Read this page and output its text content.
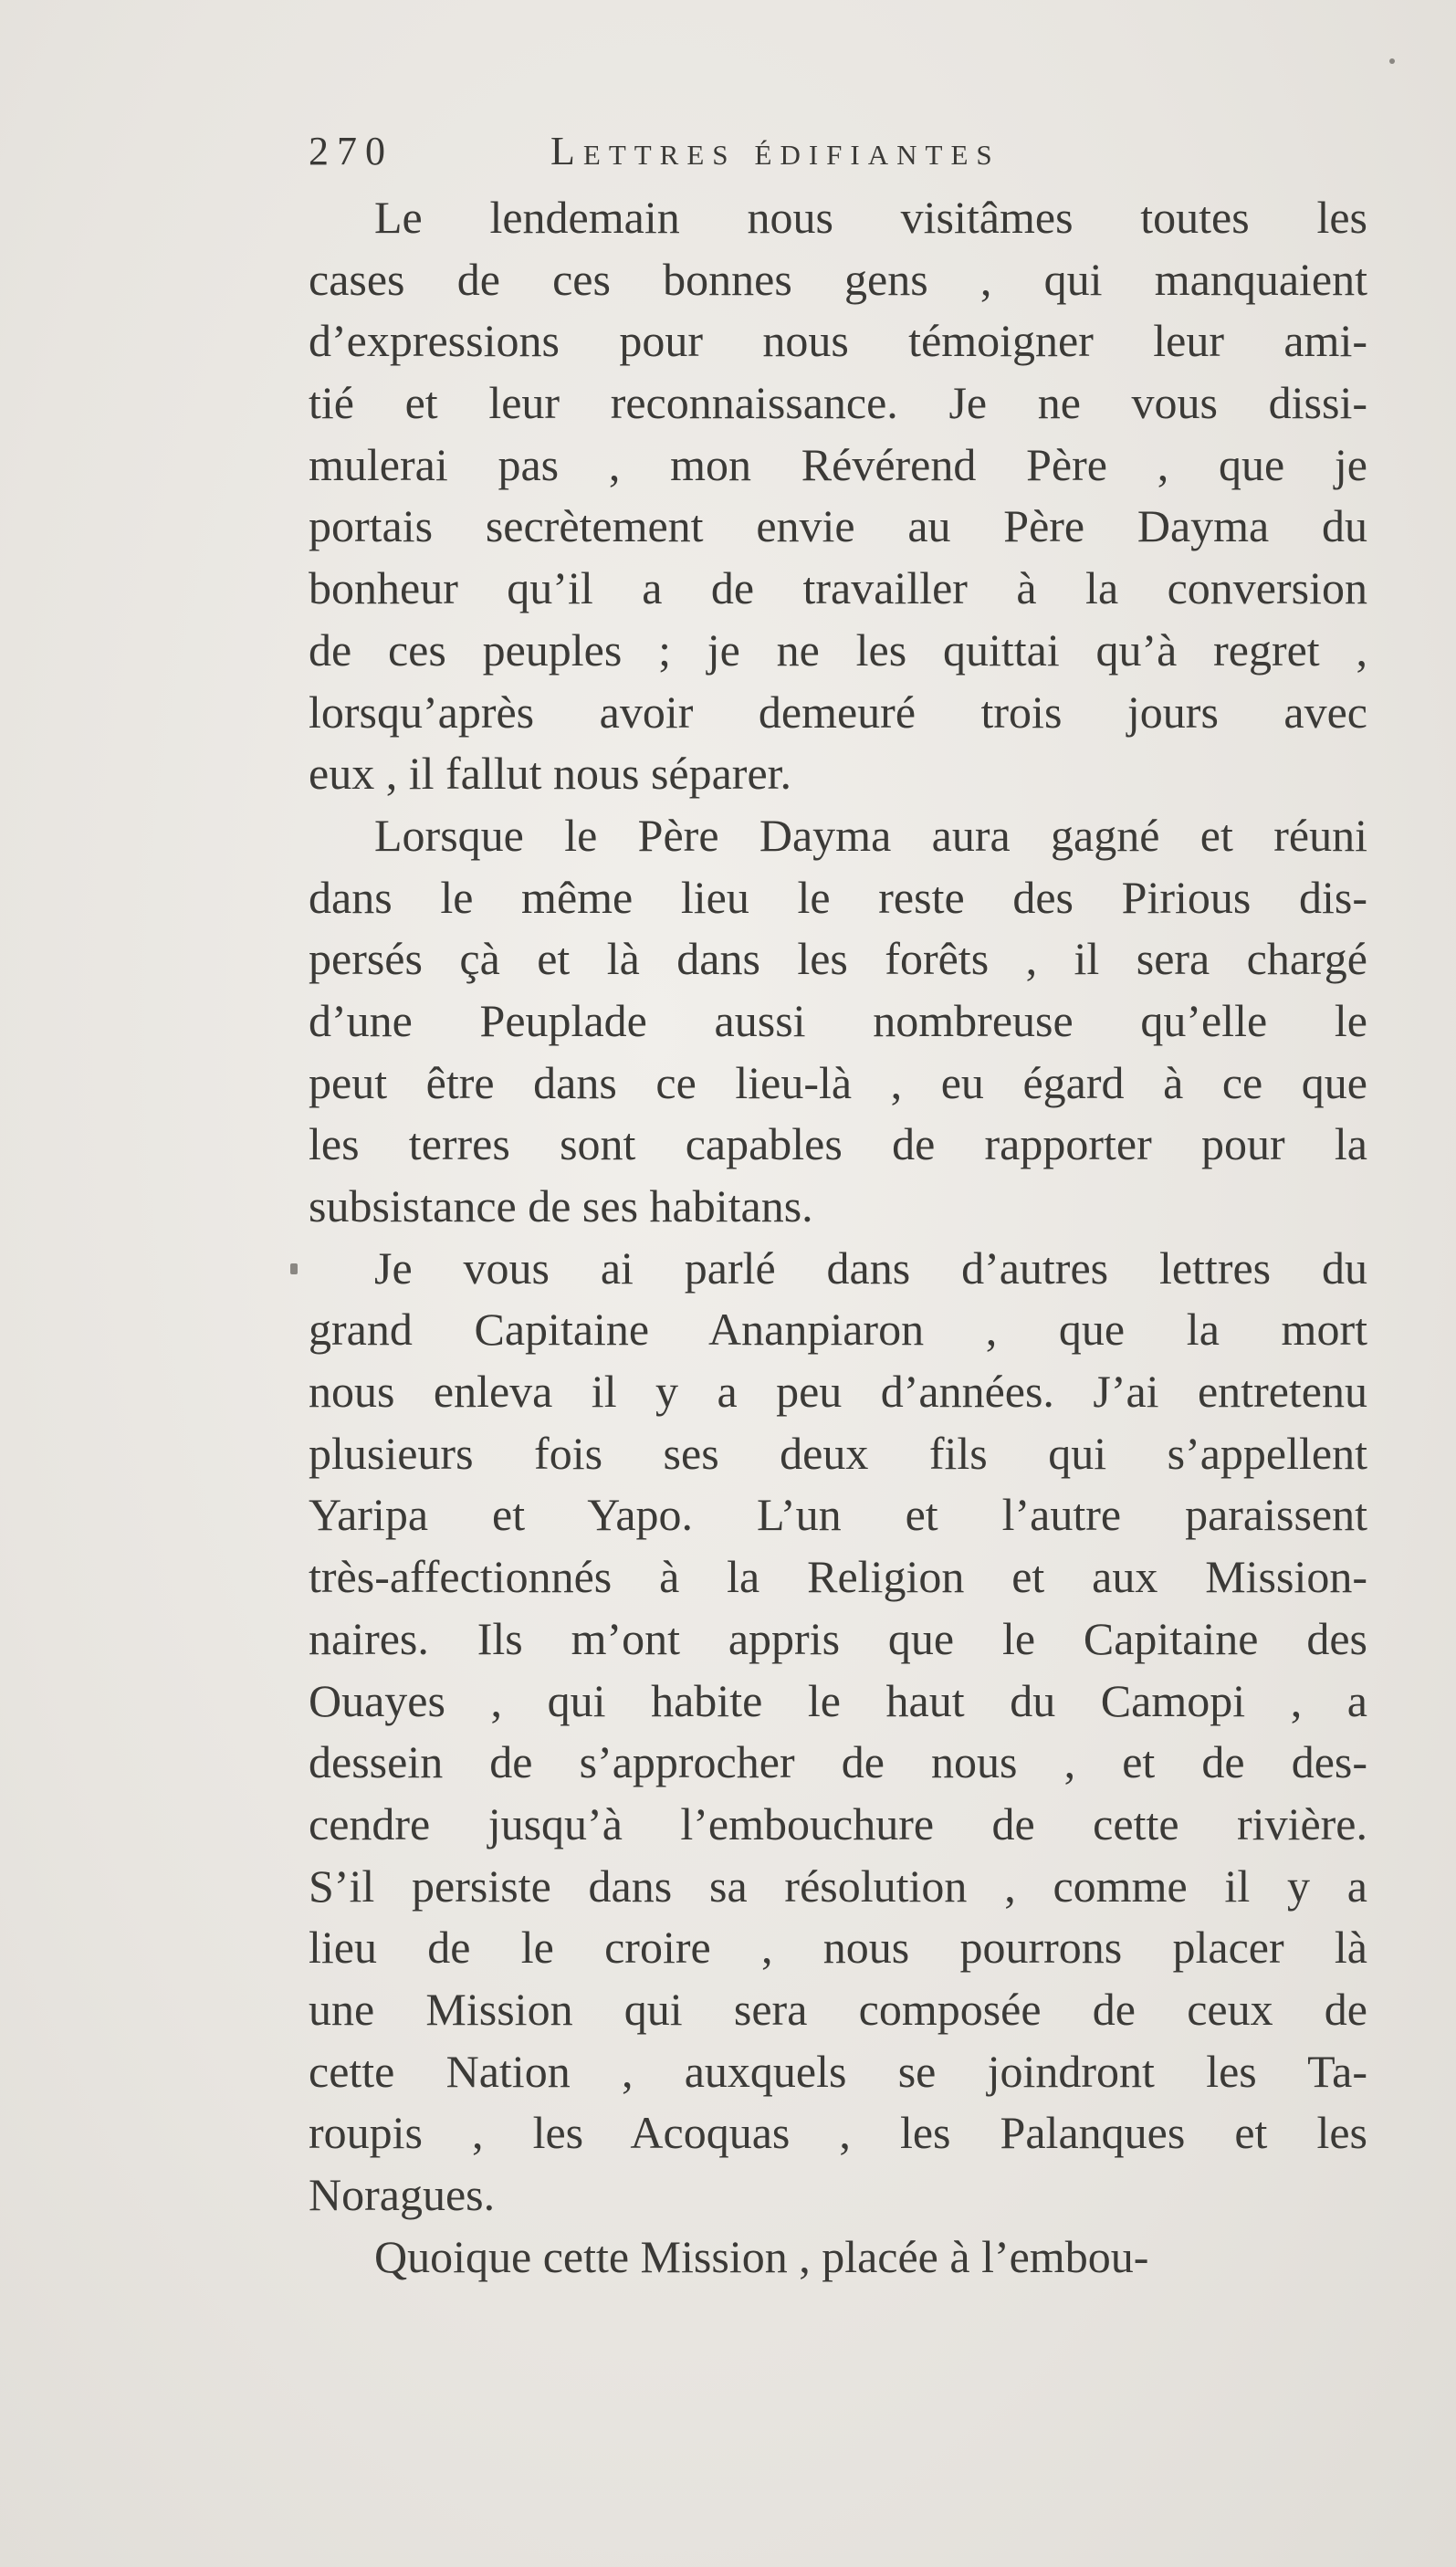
270	Lettres édifiantes
Le lendemain nous visitâmes toutes les
cases de ces bonnes gens , qui manquaient
d’expressions pour nous témoigner leur ami-
tié et leur reconnaissance. Je ne vous dissi-
mulerai pas , mon Révérend Père , que je
portais secrètement envie au Père Dayma du
bonheur qu’il a de travailler à la conversion
de ces peuples ; je ne les quittai qu’à regret ,
lorsqu’après avoir demeuré trois jours avec
eux , il fallut nous séparer.
Lorsque le Père Dayma aura gagné et réuni
dans le même lieu le reste des Pirious dis-
persés çà et là dans les forêts , il sera chargé
d’une Peuplade aussi nombreuse qu’elle le
peut être dans ce lieu-là , eu égard à ce que
les terres sont capables de rapporter pour la
subsistance de ses habitans.
Je vous ai parlé dans d’autres lettres du
grand Capitaine Ananpiaron , que la mort
nous enleva il y a peu d’années. J’ai entretenu
plusieurs fois ses deux fils qui s’appellent
Yaripa et Yapo. L’un et l’autre paraissent
très-affectionnés à la Religion et aux Mission-
naires. Ils m’ont appris que le Capitaine des
Ouayes , qui habite le haut du Camopi , a
dessein de s’approcher de nous , et de des-
cendre jusqu’à l’embouchure de cette rivière.
S’il persiste dans sa résolution , comme il y a
lieu de le croire , nous pourrons placer là
une Mission qui sera composée de ceux de
cette Nation , auxquels se joindront les Ta-
roupis , les Acoquas , les Palanques et les
Noragues.
Quoique cette Mission , placée à l’embou-
